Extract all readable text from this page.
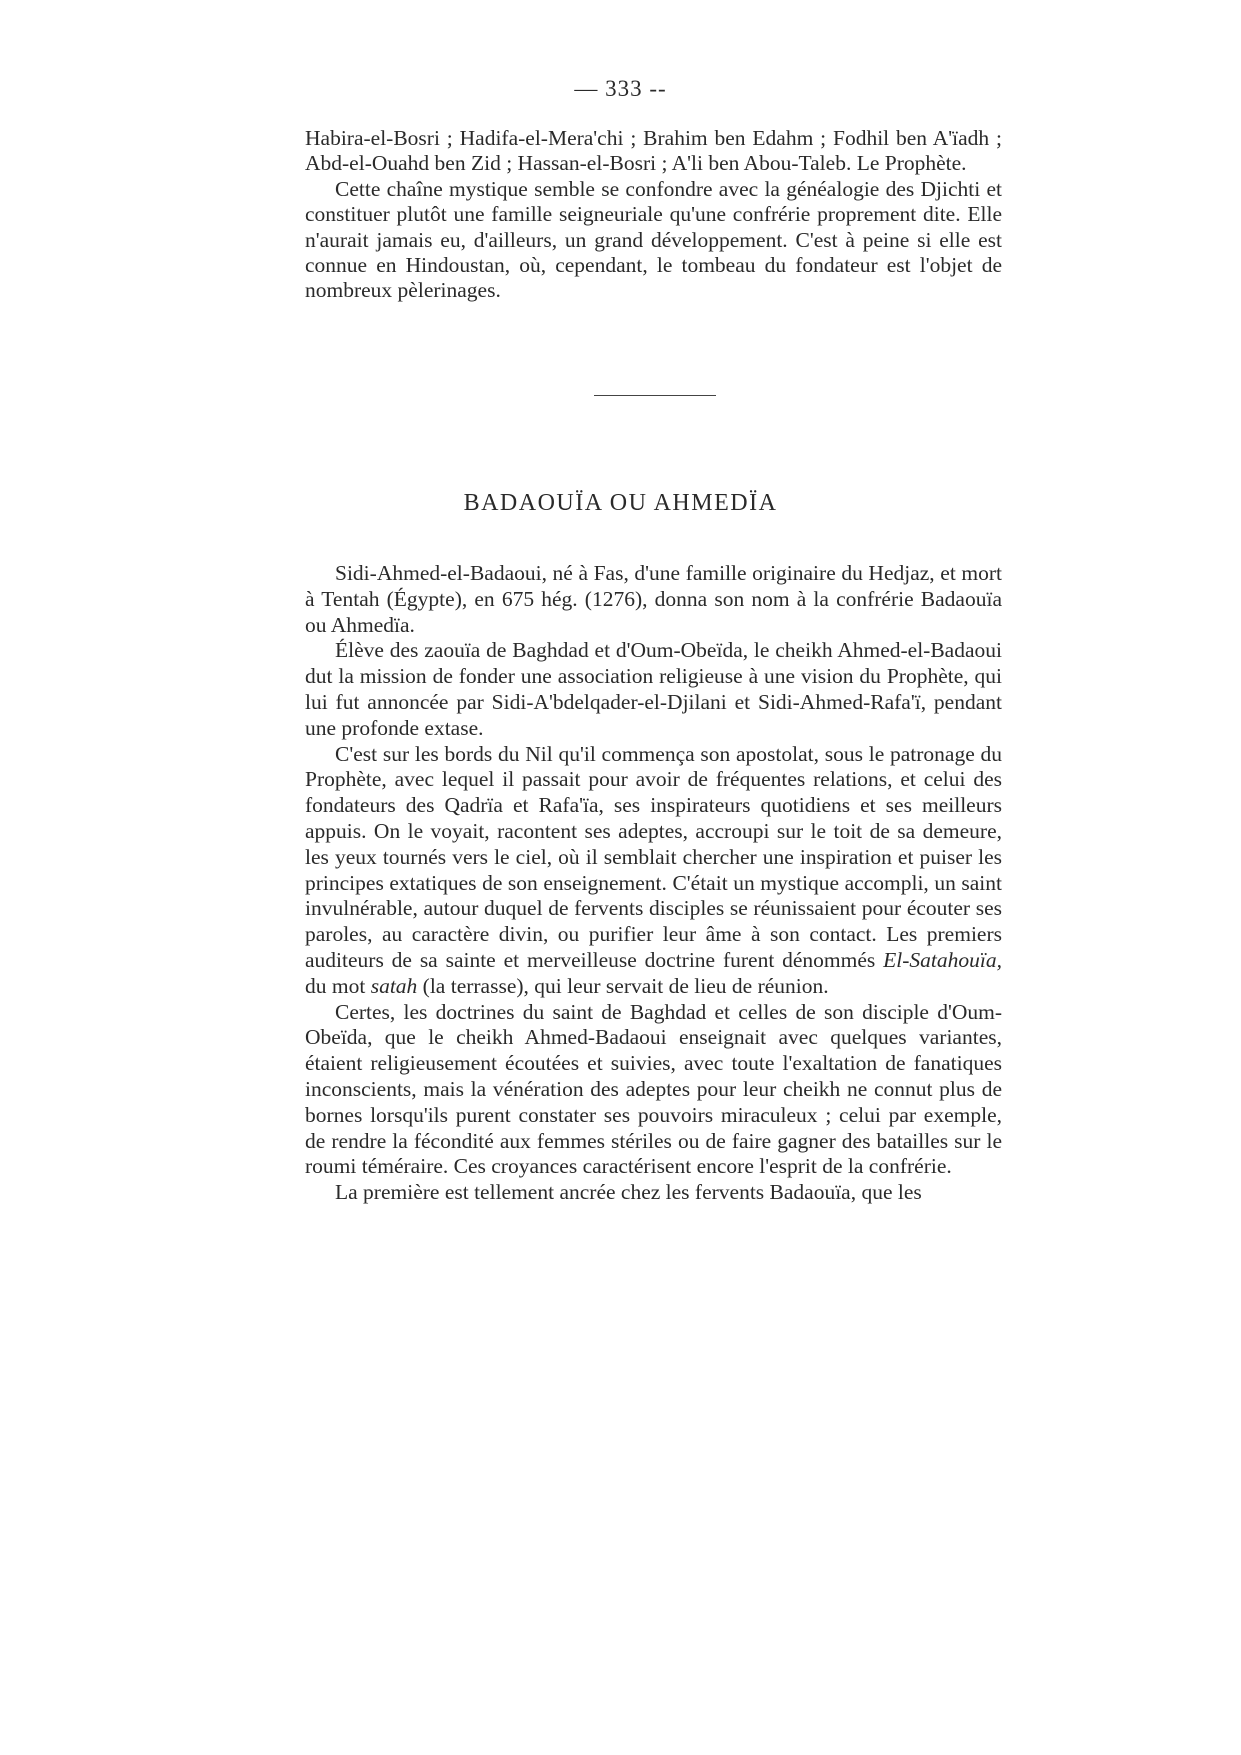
— 333 --

Habira-el-Bosri ; Hadifa-el-Mera'chi ; Brahim ben Edahm ; Fodhil ben A'ïadh ; Abd-el-Ouahd ben Zid ; Hassan-el-Bosri ; A'li ben Abou-Taleb. Le Prophète.

Cette chaîne mystique semble se confondre avec la généalogie des Djichti et constituer plutôt une famille seigneuriale qu'une confrérie proprement dite. Elle n'aurait jamais eu, d'ailleurs, un grand développement. C'est à peine si elle est connue en Hindoustan, où, cependant, le tombeau du fondateur est l'objet de nombreux pèlerinages.

BADAOUÏA OU AHMEDÏA

Sidi-Ahmed-el-Badaoui, né à Fas, d'une famille originaire du Hedjaz, et mort à Tentah (Égypte), en 675 hég. (1276), donna son nom à la confrérie Badaouïa ou Ahmedïa.

Élève des zaouïa de Baghdad et d'Oum-Obeïda, le cheikh Ahmed-el-Badaoui dut la mission de fonder une association religieuse à une vision du Prophète, qui lui fut annoncée par Sidi-A'bdelqader-el-Djilani et Sidi-Ahmed-Rafa'ï, pendant une profonde extase.

C'est sur les bords du Nil qu'il commença son apostolat, sous le patronage du Prophète, avec lequel il passait pour avoir de fréquentes relations, et celui des fondateurs des Qadrïa et Rafa'ïa, ses inspirateurs quotidiens et ses meilleurs appuis. On le voyait, racontent ses adeptes, accroupi sur le toit de sa demeure, les yeux tournés vers le ciel, où il semblait chercher une inspiration et puiser les principes extatiques de son enseignement. C'était un mystique accompli, un saint invulnérable, autour duquel de fervents disciples se réunissaient pour écouter ses paroles, au caractère divin, ou purifier leur âme à son contact. Les premiers auditeurs de sa sainte et merveilleuse doctrine furent dénommés El-Satahouïa, du mot satah (la terrasse), qui leur servait de lieu de réunion.

Certes, les doctrines du saint de Baghdad et celles de son disciple d'Oum-Obeïda, que le cheikh Ahmed-Badaoui enseignait avec quelques variantes, étaient religieusement écoutées et suivies, avec toute l'exaltation de fanatiques inconscients, mais la vénération des adeptes pour leur cheikh ne connut plus de bornes lorsqu'ils purent constater ses pouvoirs miraculeux ; celui par exemple, de rendre la fécondité aux femmes stériles ou de faire gagner des batailles sur le roumi téméraire. Ces croyances caractérisent encore l'esprit de la confrérie.

La première est tellement ancrée chez les fervents Badaouïa, que les
